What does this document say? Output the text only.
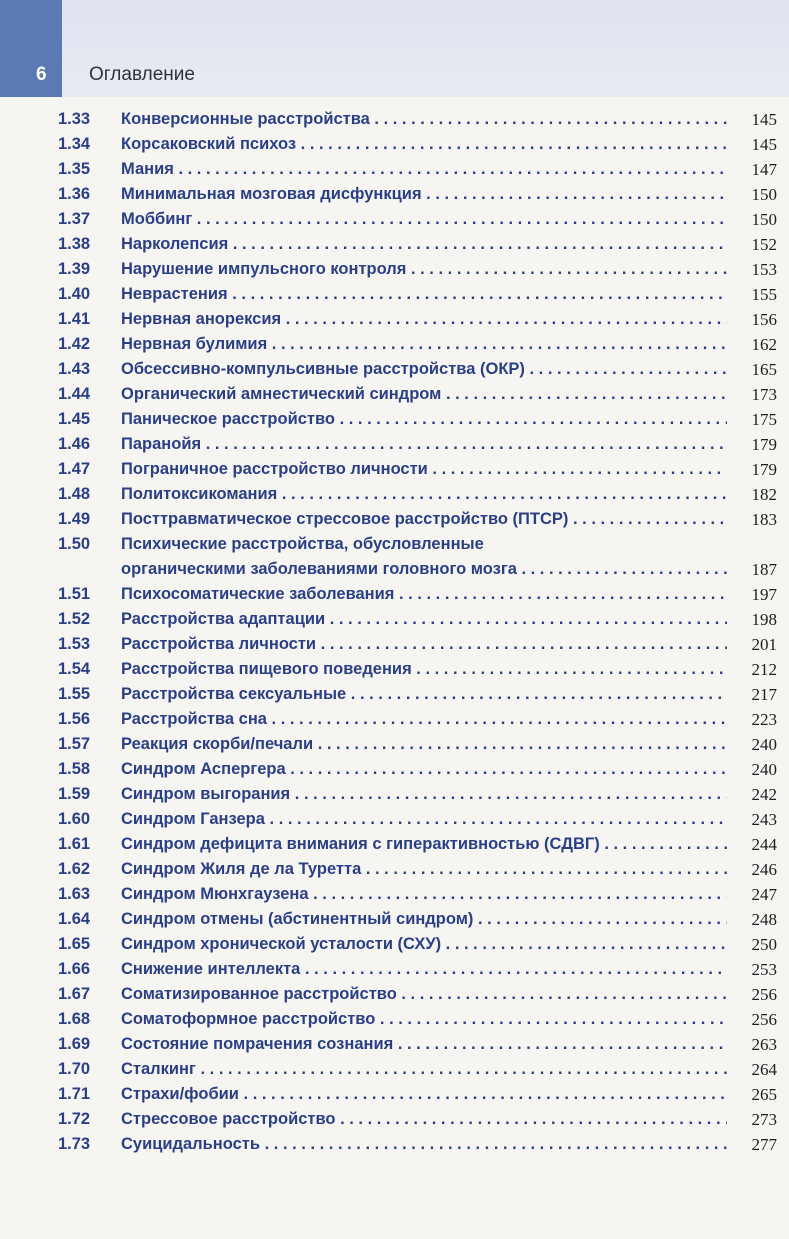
6 Оглавление
1.33 Конверсионные расстройства . . .	145
1.34 Корсаковский психоз . . .	145
1.35 Мания . . .	147
1.36 Минимальная мозговая дисфункция . . .	150
1.37 Моббинг . . .	150
1.38 Нарколепсия . . .	152
1.39 Нарушение импульсного контроля . . .	153
1.40 Неврастения . . .	155
1.41 Нервная анорексия . . .	156
1.42 Нервная булимия . . .	162
1.43 Обсессивно-компульсивные расстройства (ОКР) . . .	165
1.44 Органический амнестический синдром . . .	173
1.45 Паническое расстройство . . .	175
1.46 Паранойя . . .	179
1.47 Пограничное расстройство личности . . .	179
1.48 Политоксикомания . . .	182
1.49 Посттравматическое стрессовое расстройство (ПТСР) . . .	183
1.50 Психические расстройства, обусловленные
органическими заболеваниями головного мозга . . .	187
1.51 Психосоматические заболевания . . .	197
1.52 Расстройства адаптации . . .	198
1.53 Расстройства личности . . .	201
1.54 Расстройства пищевого поведения . . .	212
1.55 Расстройства сексуальные . . .	217
1.56 Расстройства сна . . .	223
1.57 Реакция скорби/печали . . .	240
1.58 Синдром Аспергера . . .	240
1.59 Синдром выгорания . . .	242
1.60 Синдром Ганзера . . .	243
1.61 Синдром дефицита внимания с гиперактивностью (СДВГ) . . .	244
1.62 Синдром Жиля де ла Туретта . . .	246
1.63 Синдром Мюнхгаузена . . .	247
1.64 Синдром отмены (абстинентный синдром) . . .	248
1.65 Синдром хронической усталости (СХУ) . . .	250
1.66 Снижение интеллекта . . .	253
1.67 Соматизированное расстройство . . .	256
1.68 Соматоформное расстройство . . .	256
1.69 Состояние помрачения сознания . . .	263
1.70 Сталкинг . . .	264
1.71 Страхи/фобии . . .	265
1.72 Стрессовое расстройство . . .	273
1.73 Суицидальность . . .	277
